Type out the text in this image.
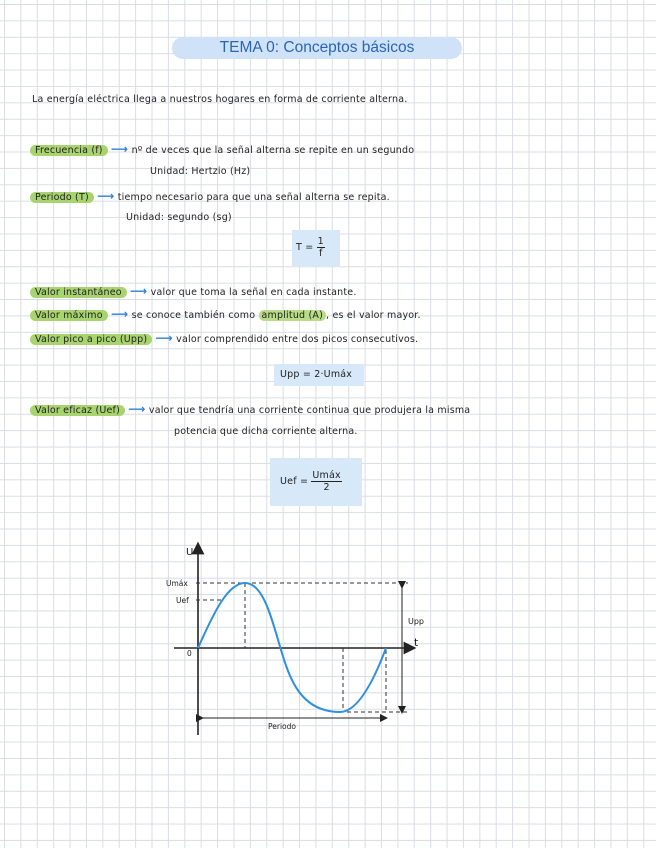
TEMA 0: Conceptos básicos
La energía eléctrica llega a nuestros hogares en forma de corriente alterna.
Frecuencia (f) ⟶ nº de veces que la señal alterna se repite en un segundo
Unidad: Hertzio (Hz)
Periodo (T) ⟶ tiempo necesario para que una señal alterna se repita.
Unidad: segundo (sg)
$T = \frac{1}{f}$
Valor instantáneo ⟶ valor que toma la señal en cada instante.
Valor máximo ⟶ se conoce también como amplitud (A) , es el valor mayor.
Valor pico a pico (Upp) ⟶ valor comprendido entre dos picos consecutivos.
Upp = 2·Umáx
Valor eficaz (Uef) ⟶ valor que tendría una corriente continua que produjera la misma
potencia que dicha corriente alterna.
Uef = $\frac{\text{Umáx}}{2}$
U
t
Umáx
Uef
0
Upp
Periodo
